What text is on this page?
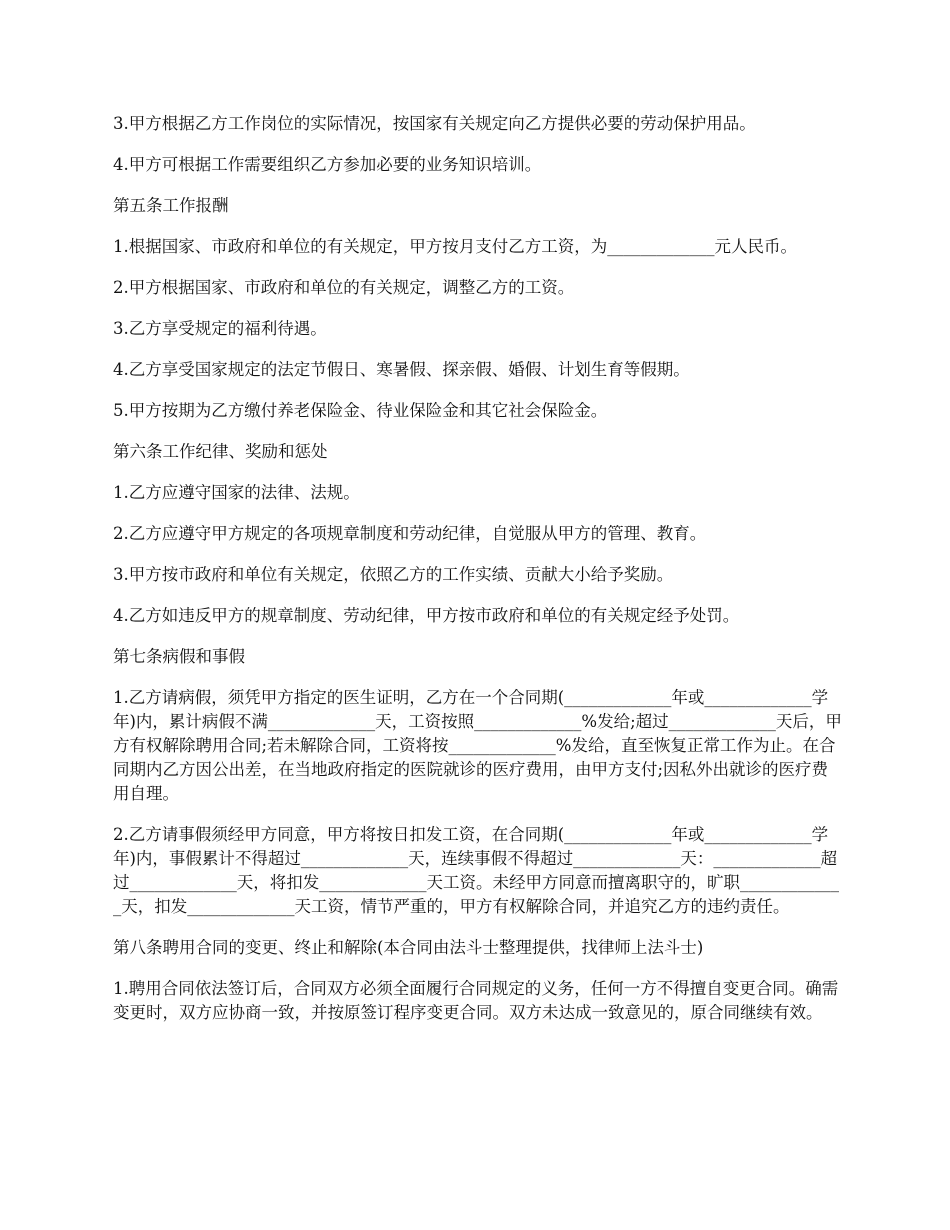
3.甲方根据乙方工作岗位的实际情况，按国家有关规定向乙方提供必要的劳动保护用品。

4.甲方可根据工作需要组织乙方参加必要的业务知识培训。

第五条工作报酬

1.根据国家、市政府和单位的有关规定，甲方按月支付乙方工资，为_____________元人民币。

2.甲方根据国家、市政府和单位的有关规定，调整乙方的工资。

3.乙方享受规定的福利待遇。

4.乙方享受国家规定的法定节假日、寒暑假、探亲假、婚假、计划生育等假期。

5.甲方按期为乙方缴付养老保险金、待业保险金和其它社会保险金。

第六条工作纪律、奖励和惩处

1.乙方应遵守国家的法律、法规。

2.乙方应遵守甲方规定的各项规章制度和劳动纪律，自觉服从甲方的管理、教育。

3.甲方按市政府和单位有关规定，依照乙方的工作实绩、贡献大小给予奖励。

4.乙方如违反甲方的规章制度、劳动纪律，甲方按市政府和单位的有关规定经予处罚。

第七条病假和事假

1.乙方请病假，须凭甲方指定的医生证明，乙方在一个合同期(_____________年或_____________学年)内，累计病假不满_____________天，工资按照_____________%发给;超过_____________天后，甲方有权解除聘用合同;若未解除合同，工资将按_____________%发给，直至恢复正常工作为止。在合同期内乙方因公出差，在当地政府指定的医院就诊的医疗费用，由甲方支付;因私外出就诊的医疗费用自理。

2.乙方请事假须经甲方同意，甲方将按日扣发工资，在合同期(_____________年或_____________学年)内，事假累计不得超过_____________天，连续事假不得超过_____________天：_____________超过_____________天，将扣发_____________天工资。未经甲方同意而擅离职守的，旷职_____________天，扣发_____________天工资，情节严重的，甲方有权解除合同，并追究乙方的违约责任。

第八条聘用合同的变更、终止和解除(本合同由法斗士整理提供，找律师上法斗士)

1.聘用合同依法签订后，合同双方必须全面履行合同规定的义务，任何一方不得擅自变更合同。确需变更时，双方应协商一致，并按原签订程序变更合同。双方未达成一致意见的，原合同继续有效。
